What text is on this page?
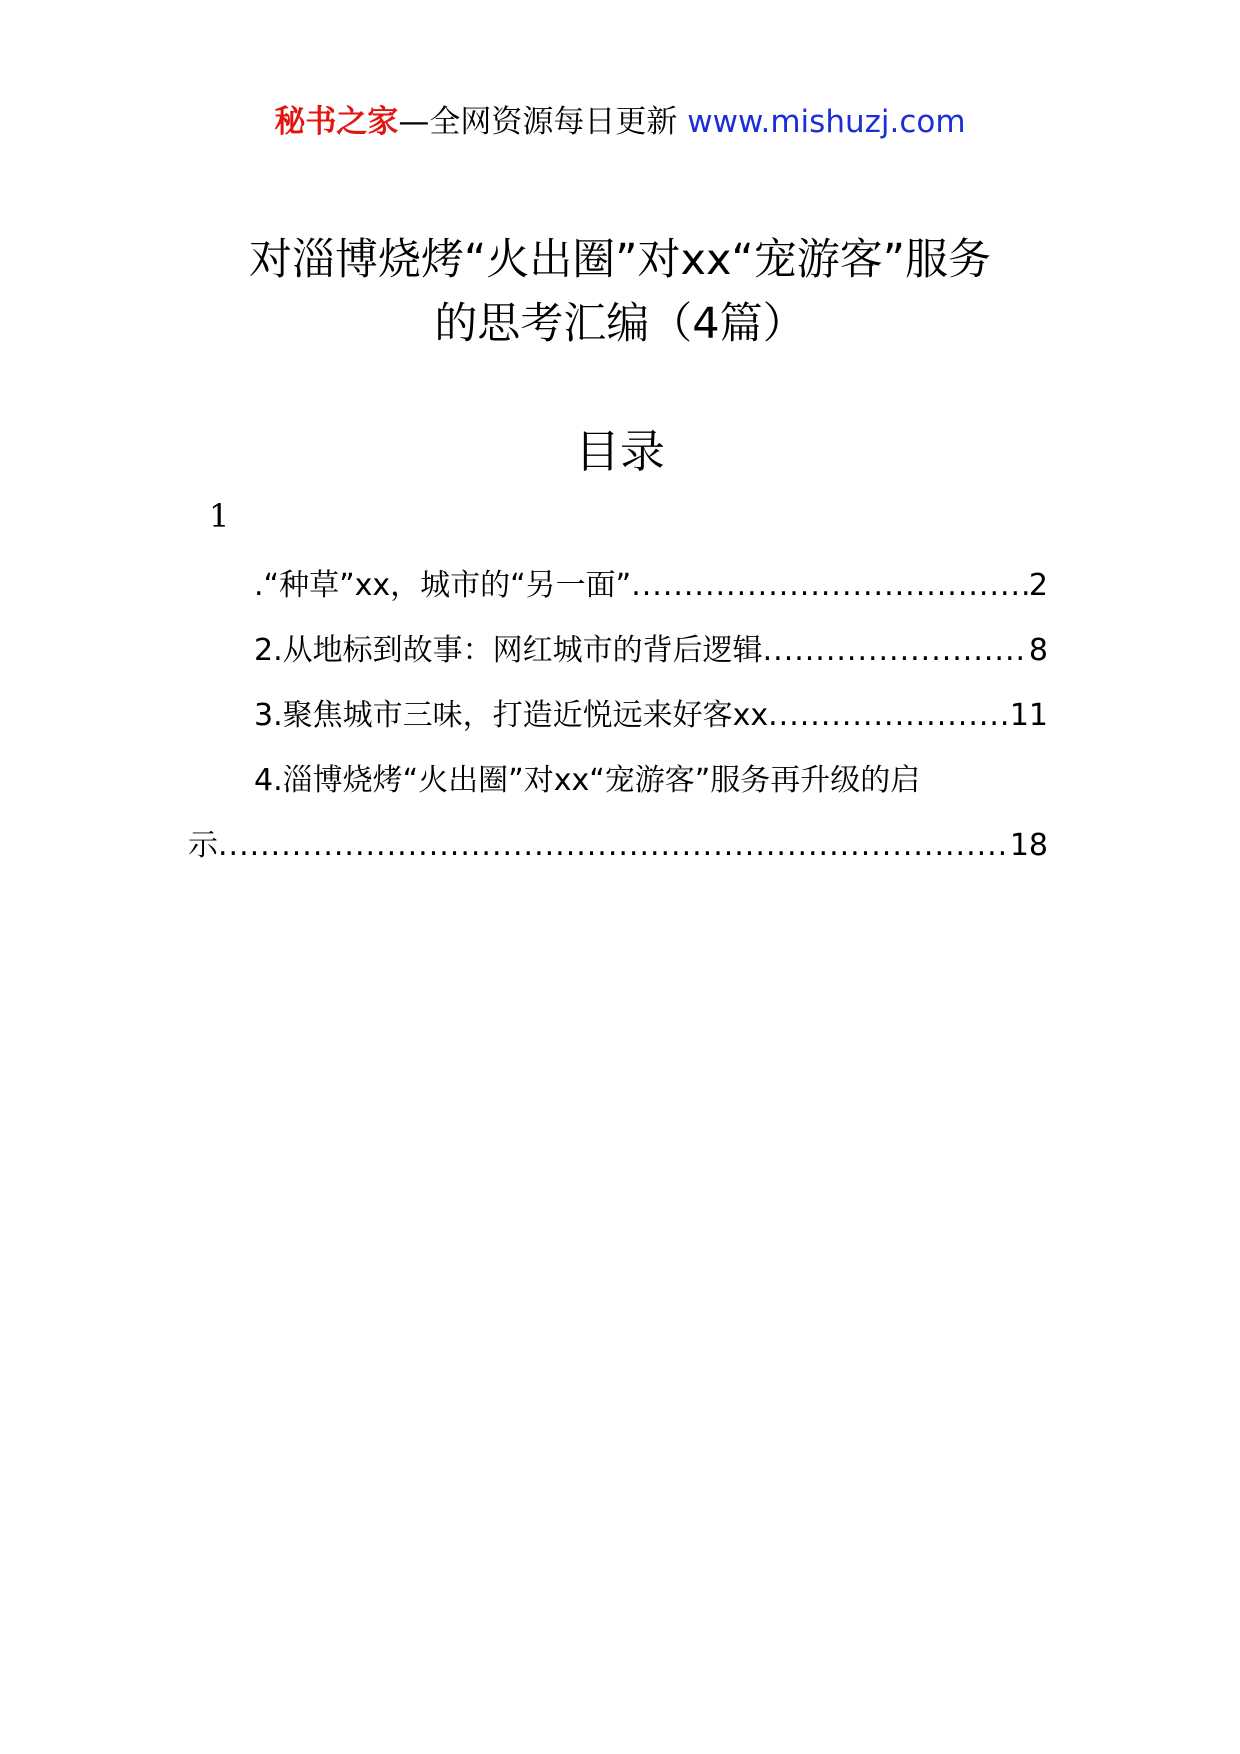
秘书之家—全网资源每日更新 www.mishuzj.com
对淄博烧烤“火出圈”对xx“宠游客”服务
的思考汇编（4篇）
目录
1
.“种草”xx，城市的“另一面” .....	2
2.从地标到故事：网红城市的背后逻辑 .....	8
3.聚焦城市三味，打造近悦远来好客xx .....	11
4.淄博烧烤“火出圈”对xx“宠游客”服务再升级的启
示 .....	18
